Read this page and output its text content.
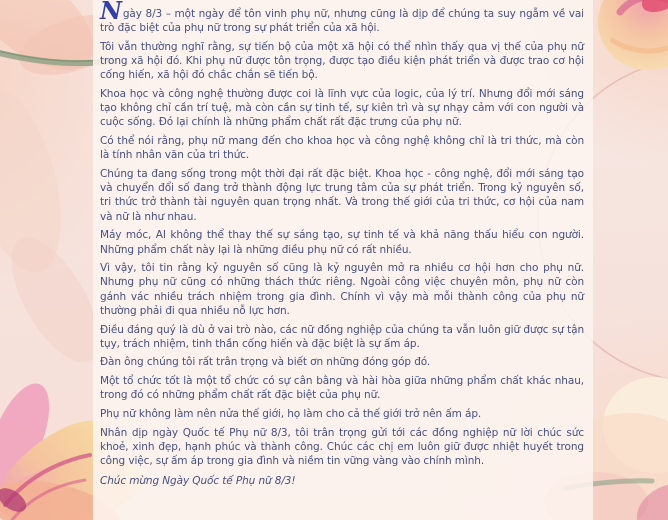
Ngày 8/3 – một ngày để tôn vinh phụ nữ, nhưng cũng là dịp để chúng ta suy ngẫm về vai trò đặc biệt của phụ nữ trong sự phát triển của xã hội.

Tôi vẫn thường nghĩ rằng, sự tiến bộ của một xã hội có thể nhìn thấy qua vị thế của phụ nữ trong xã hội đó. Khi phụ nữ được tôn trọng, được tạo điều kiện phát triển và được trao cơ hội cống hiến, xã hội đó chắc chắn sẽ tiến bộ.

Khoa học và công nghệ thường được coi là lĩnh vực của logic, của lý trí. Nhưng đổi mới sáng tạo không chỉ cần trí tuệ, mà còn cần sự tinh tế, sự kiên trì và sự nhạy cảm với con người và cuộc sống. Đó lại chính là những phẩm chất rất đặc trưng của phụ nữ.

Có thể nói rằng, phụ nữ mang đến cho khoa học và công nghệ không chỉ là tri thức, mà còn là tính nhân văn của tri thức.

Chúng ta đang sống trong một thời đại rất đặc biệt. Khoa học - công nghệ, đổi mới sáng tạo và chuyển đổi số đang trở thành động lực trung tâm của sự phát triển. Trong kỷ nguyên số, tri thức trở thành tài nguyên quan trọng nhất. Và trong thế giới của tri thức, cơ hội của nam và nữ là như nhau.

Máy móc, AI không thể thay thế sự sáng tạo, sự tinh tế và khả năng thấu hiểu con người. Những phẩm chất này lại là những điều phụ nữ có rất nhiều.

Vì vậy, tôi tin rằng kỷ nguyên số cũng là kỷ nguyên mở ra nhiều cơ hội hơn cho phụ nữ. Nhưng phụ nữ cũng có những thách thức riêng. Ngoài công việc chuyên môn, phụ nữ còn gánh vác nhiều trách nhiệm trong gia đình. Chính vì vậy mà mỗi thành công của phụ nữ thường phải đi qua nhiều nỗ lực hơn.

Điều đáng quý là dù ở vai trò nào, các nữ đồng nghiệp của chúng ta vẫn luôn giữ được sự tận tụy, trách nhiệm, tinh thần cống hiến và đặc biệt là sự ấm áp.

Đàn ông chúng tôi rất trân trọng và biết ơn những đóng góp đó.

Một tổ chức tốt là một tổ chức có sự cân bằng và hài hòa giữa những phẩm chất khác nhau, trong đó có những phẩm chất rất đặc biệt của phụ nữ.

Phụ nữ không làm nên nửa thế giới, họ làm cho cả thế giới trở nên ấm áp.

Nhân dịp ngày Quốc tế Phụ nữ 8/3, tôi trân trọng gửi tới các đồng nghiệp nữ lời chúc sức khoẻ, xinh đẹp, hạnh phúc và thành công. Chúc các chị em luôn giữ được nhiệt huyết trong công việc, sự ấm áp trong gia đình và niềm tin vững vàng vào chính mình.

Chúc mừng Ngày Quốc tế Phụ nữ 8/3!
